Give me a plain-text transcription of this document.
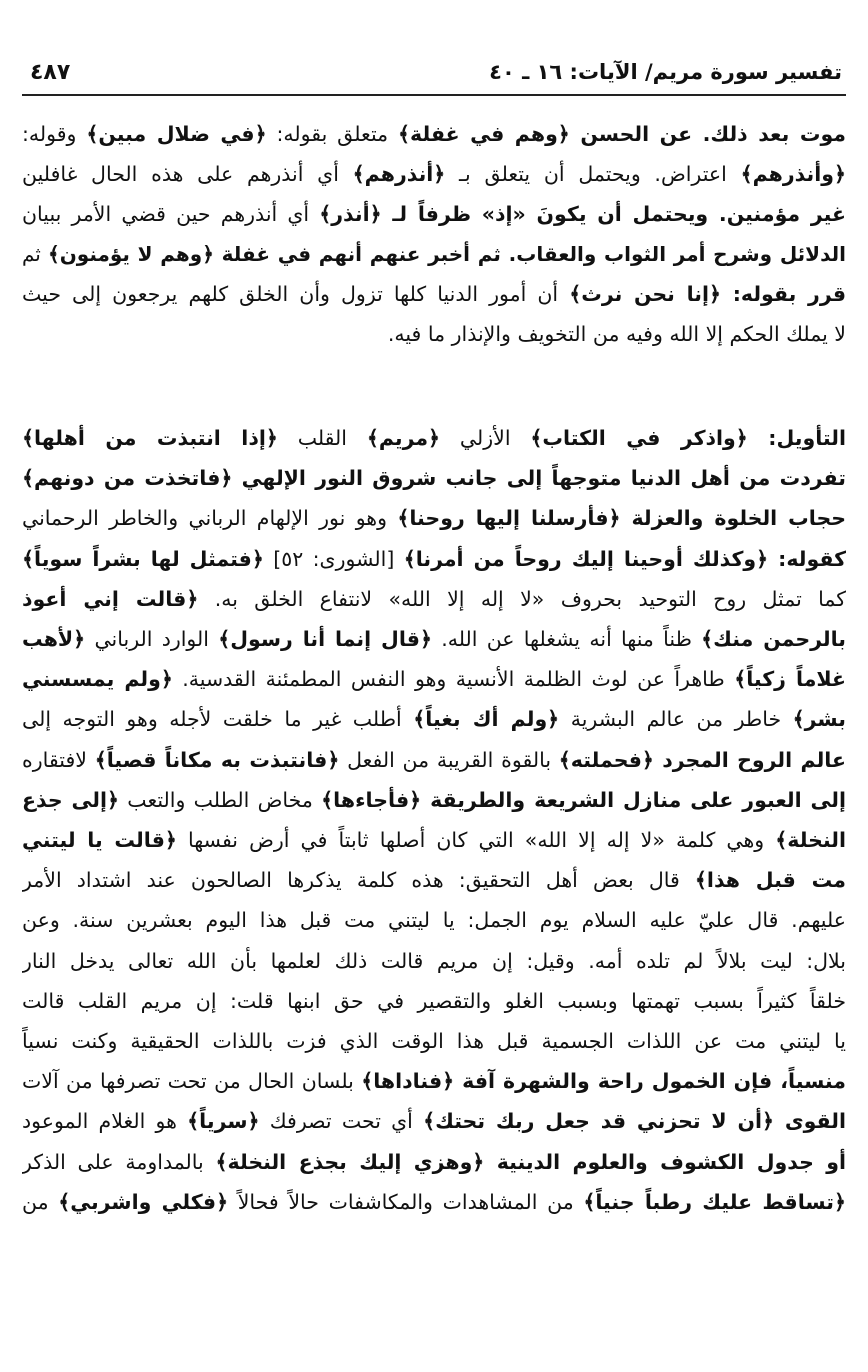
٤٨٧	تفسير سورة مريم/ الآيات: ١٦ ـ ٤٠
موت بعد ذلك. عن الحسن ﴿وهم في غفلة﴾ متعلق بقوله: ﴿في ضلال مبين﴾ وقوله:
﴿وأنذرهم﴾ اعتراض. ويحتمل أن يتعلق بـ ﴿أنذرهم﴾ أي أنذرهم على هذه الحال غافلين
غير مؤمنين. ويحتمل أن يكونَ «إذ» ظرفاً لـ ﴿أنذر﴾ أي أنذرهم حين قضي الأمر ببيان
الدلائل وشرح أمر الثواب والعقاب. ثم أخبر عنهم أنهم في غفلة ﴿وهم لا يؤمنون﴾ ثم
قرر بقوله: ﴿إنا نحن نرث﴾ أن أمور الدنيا كلها تزول وأن الخلق كلهم يرجعون إلى حيث
لا يملك الحكم إلا الله وفيه من التخويف والإنذار ما فيه.
التأويل: ﴿واذكر في الكتاب﴾ الأزلي ﴿مريم﴾ القلب ﴿إذا انتبذت من أهلها﴾
تفردت من أهل الدنيا متوجهاً إلى جانب شروق النور الإلهي ﴿فاتخذت من دونهم﴾
حجاب الخلوة والعزلة ﴿فأرسلنا إليها روحنا﴾ وهو نور الإلهام الرباني والخاطر الرحماني
كقوله: ﴿وكذلك أوحينا إليك روحاً من أمرنا﴾ [الشورى: ٥٢] ﴿فتمثل لها بشراً سوياً﴾
كما تمثل روح التوحيد بحروف «لا إله إلا الله» لانتفاع الخلق به. ﴿قالت إني أعوذ
بالرحمن منك﴾ ظناً منها أنه يشغلها عن الله. ﴿قال إنما أنا رسول﴾ الوارد الرباني ﴿لأهب
غلاماً زكياً﴾ طاهراً عن لوث الظلمة الأنسية وهو النفس المطمئنة القدسية. ﴿ولم يمسسني
بشر﴾ خاطر من عالم البشرية ﴿ولم أك بغياً﴾ أطلب غير ما خلقت لأجله وهو التوجه إلى
عالم الروح المجرد ﴿فحملته﴾ بالقوة القريبة من الفعل ﴿فانتبذت به مكاناً قصياً﴾ لافتقاره
إلى العبور على منازل الشريعة والطريقة ﴿فأجاءها﴾ مخاض الطلب والتعب ﴿إلى جذع
النخلة﴾ وهي كلمة «لا إله إلا الله» التي كان أصلها ثابتاً في أرض نفسها ﴿قالت يا ليتني
مت قبل هذا﴾ قال بعض أهل التحقيق: هذه كلمة يذكرها الصالحون عند اشتداد الأمر
عليهم. قال عليّ عليه السلام يوم الجمل: يا ليتني مت قبل هذا اليوم بعشرين سنة. وعن
بلال: ليت بلالاً لم تلده أمه. وقيل: إن مريم قالت ذلك لعلمها بأن الله تعالى يدخل النار
خلقاً كثيراً بسبب تهمتها وبسبب الغلو والتقصير في حق ابنها قلت: إن مريم القلب قالت
يا ليتني مت عن اللذات الجسمية قبل هذا الوقت الذي فزت باللذات الحقيقية وكنت نسياً
منسياً، فإن الخمول راحة والشهرة آفة ﴿فناداها﴾ بلسان الحال من تحت تصرفها من آلات
القوى ﴿أن لا تحزني قد جعل ربك تحتك﴾ أي تحت تصرفك ﴿سرياً﴾ هو الغلام الموعود
أو جدول الكشوف والعلوم الدينية ﴿وهزي إليك بجذع النخلة﴾ بالمداومة على الذكر
﴿تساقط عليك رطباً جنياً﴾ من المشاهدات والمكاشفات حالاً فحالاً ﴿فكلي واشربي﴾ من
